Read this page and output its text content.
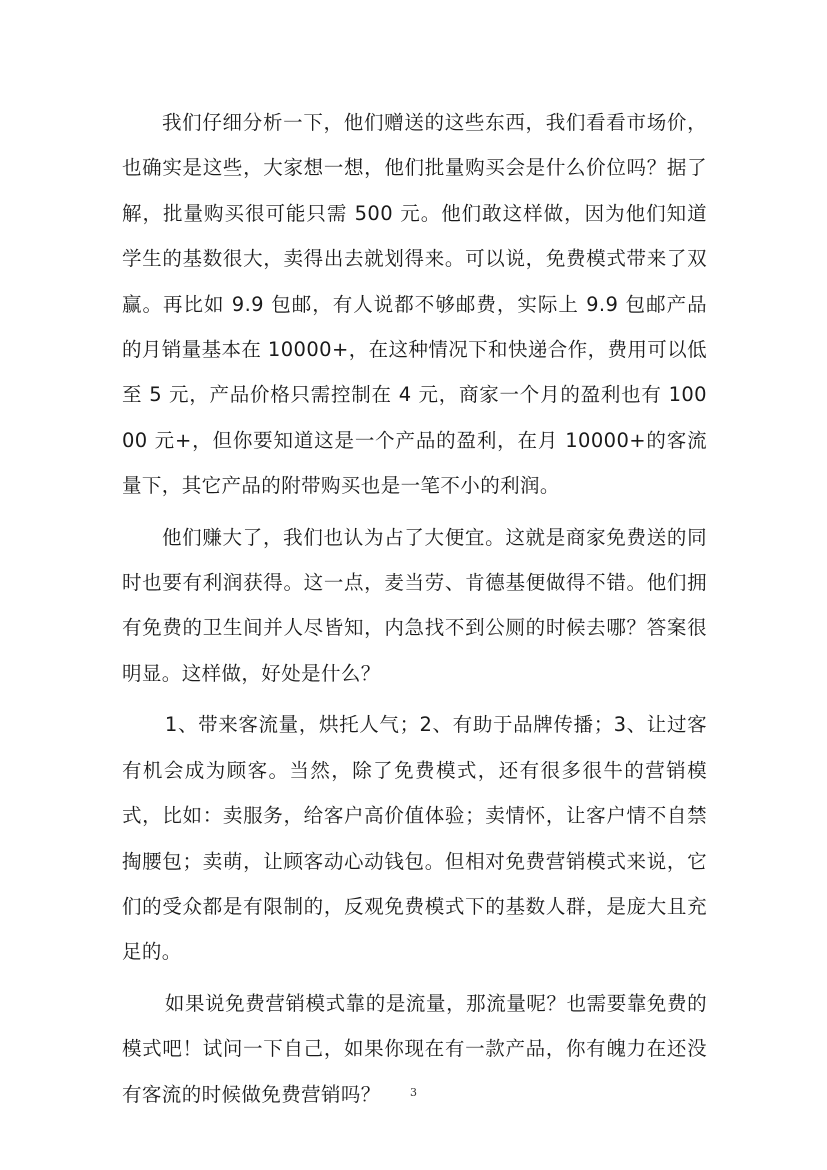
我们仔细分析一下，他们赠送的这些东西，我们看看市场价，也确实是这些，大家想一想，他们批量购买会是什么价位吗？据了解，批量购买很可能只需 500 元。他们敢这样做，因为他们知道学生的基数很大，卖得出去就划得来。可以说，免费模式带来了双赢。再比如 9.9 包邮，有人说都不够邮费，实际上 9.9 包邮产品的月销量基本在 10000+，在这种情况下和快递合作，费用可以低至 5 元，产品价格只需控制在 4 元，商家一个月的盈利也有 10000 元+，但你要知道这是一个产品的盈利，在月 10000+的客流量下，其它产品的附带购买也是一笔不小的利润。

他们赚大了，我们也认为占了大便宜。这就是商家免费送的同时也要有利润获得。这一点，麦当劳、肯德基便做得不错。他们拥有免费的卫生间并人尽皆知，内急找不到公厕的时候去哪？答案很明显。这样做，好处是什么？

1、带来客流量，烘托人气；2、有助于品牌传播；3、让过客有机会成为顾客。当然，除了免费模式，还有很多很牛的营销模式，比如：卖服务，给客户高价值体验；卖情怀，让客户情不自禁掏腰包；卖萌，让顾客动心动钱包。但相对免费营销模式来说，它们的受众都是有限制的，反观免费模式下的基数人群，是庞大且充足的。

如果说免费营销模式靠的是流量，那流量呢？也需要靠免费的模式吧！试问一下自己，如果你现在有一款产品，你有魄力在还没有客流的时候做免费营销吗？	3
